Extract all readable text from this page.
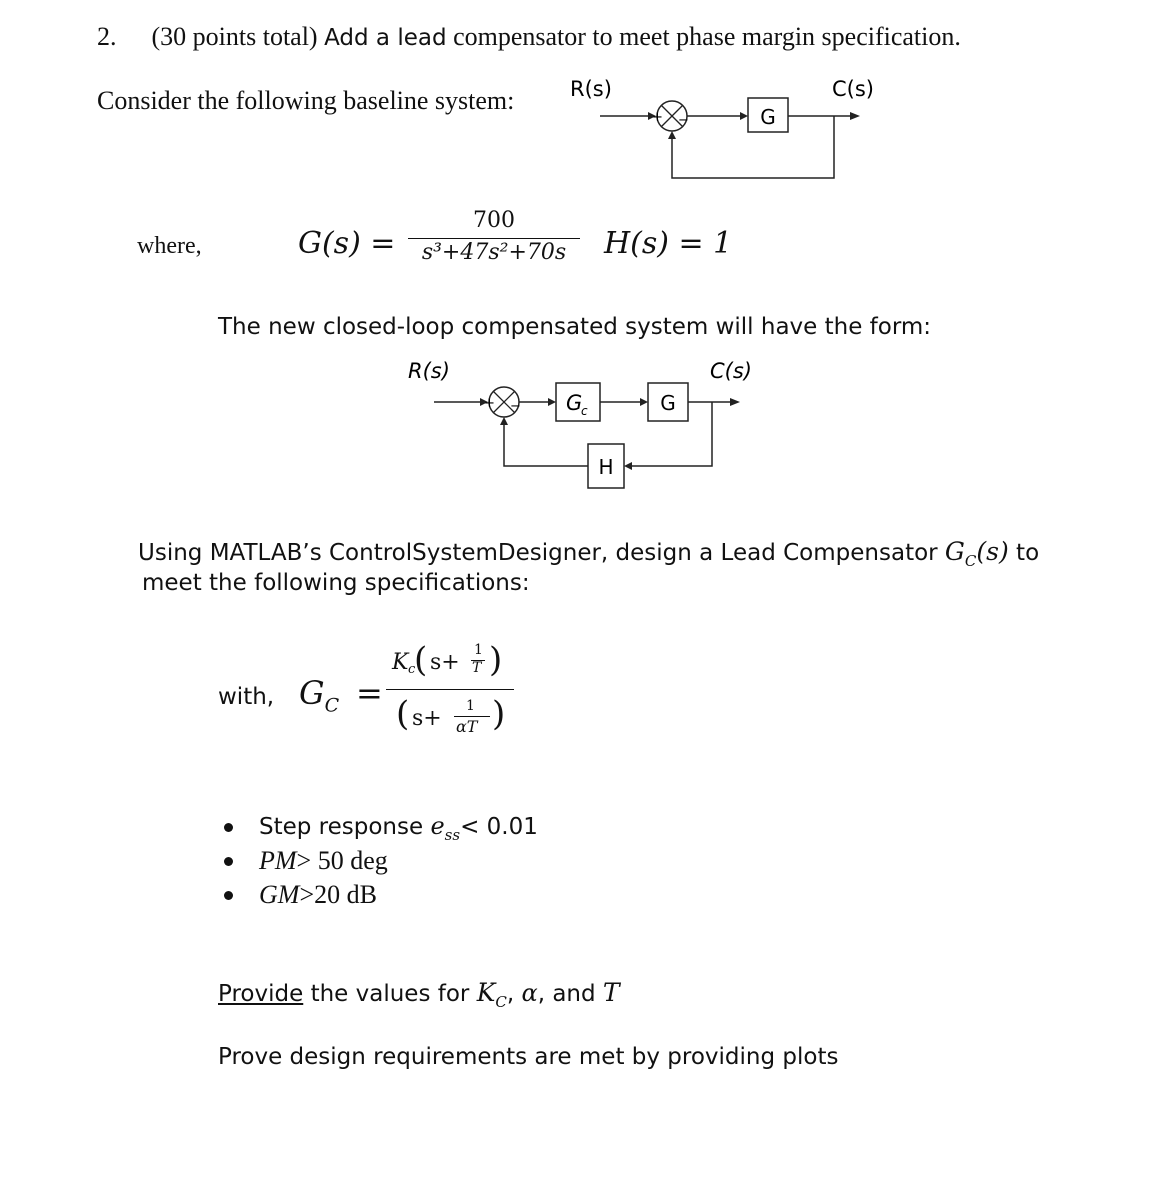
2. (30 points total) Add a lead compensator to meet phase margin specification.
Consider the following baseline system:	R(s)	C(s)
+ −	G
where,	G(s) =
700
s³+47s²+70s	H(s) = 1
The new closed-loop compensated system will have the form:
R(s)	C(s)
+ − G
c	G
H
Using MATLAB’s ControlSystemDesigner, design a Lead Compensator $G_C(s)$ to
meet the following specifications:
with, $G_C$ =
K c
( s+ 1
T )
( s+ 1
αT )
Step response $e_{ss}< 0.01$
PM> 50 deg
GM>20 dB
Provide the values for $K_C$, α, and T
Prove design requirements are met by providing plots
